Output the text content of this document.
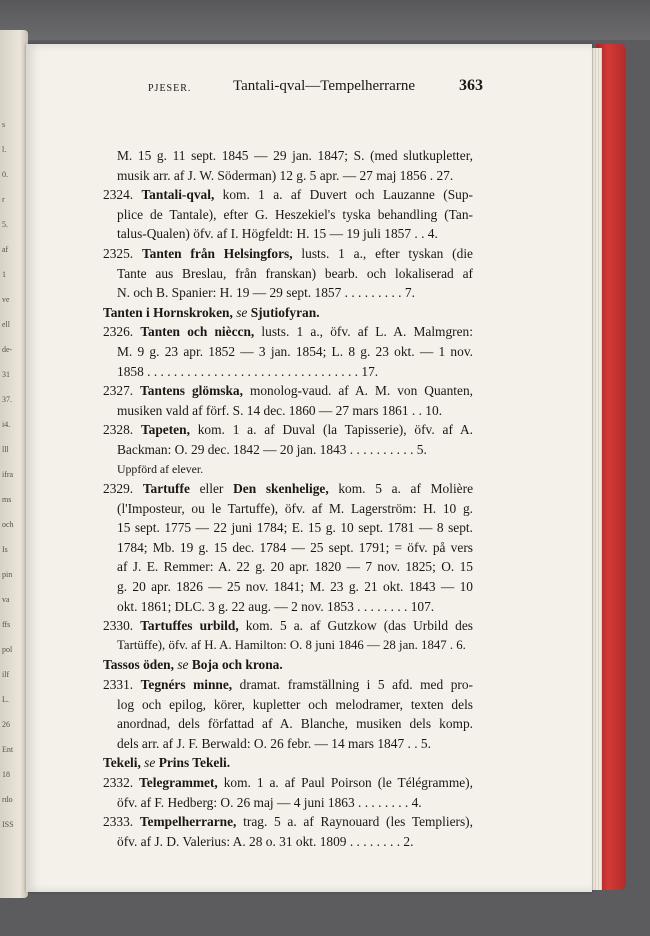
s
l.
0.
r
5.
af
1
ve
ell
de-
31
37.
i4.
lll
ifra
ms
och
Is
pin
va
ffs
pol
ilf
L.
26
Ent
18
rdo
ISS
PJESER.	Tantali-qval—Tempelherrarne	363
M. 15 g. 11 sept. 1845 — 29 jan. 1847; S. (med slutkupletter,
musik arr. af J. W. Söderman) 12 g. 5 apr. — 27 maj 1856 . 27.
2324. Tantali-qval, kom. 1 a. af Duvert och Lauzanne (Sup-
plice de Tantale), efter G. Heszekiel's tyska behandling (Tan-
talus-Qualen) öfv. af I. Högfeldt: H. 15 — 19 juli 1857 . . 4.
2325. Tanten från Helsingfors, lusts. 1 a., efter tyskan (die
Tante aus Breslau, från franskan) bearb. och lokaliserad af
N. och B. Spanier: H. 19 — 29 sept. 1857 . . . . . . . . . 7.
Tanten i Hornskroken, se Sjutiofyran.
2326. Tanten och nièccn, lusts. 1 a., öfv. af L. A. Malmgren:
M. 9 g. 23 apr. 1852 — 3 jan. 1854; L. 8 g. 23 okt. — 1 nov.
1858 . . . . . . . . . . . . . . . . . . . . . . . . . . . . . . . . 17.
2327. Tantens glömska, monolog-vaud. af A. M. von Quanten,
musiken vald af förf. S. 14 dec. 1860 — 27 mars 1861 . . 10.
2328. Tapeten, kom. 1 a. af Duval (la Tapisserie), öfv. af A.
Backman: O. 29 dec. 1842 — 20 jan. 1843 . . . . . . . . . . 5.
Uppförd af elever.
2329. Tartuffe eller Den skenhelige, kom. 5 a. af Molière
(l'Imposteur, ou le Tartuffe), öfv. af M. Lagerström: H. 10 g.
15 sept. 1775 — 22 juni 1784; E. 15 g. 10 sept. 1781 — 8 sept.
1784; Mb. 19 g. 15 dec. 1784 — 25 sept. 1791; = öfv. på vers
af J. E. Remmer: A. 22 g. 20 apr. 1820 — 7 nov. 1825; O. 15
g. 20 apr. 1826 — 25 nov. 1841; M. 23 g. 21 okt. 1843 — 10
okt. 1861; DLC. 3 g. 22 aug. — 2 nov. 1853 . . . . . . . . 107.
2330. Tartuffes urbild, kom. 5 a. af Gutzkow (das Urbild des
Tartüffe), öfv. af H. A. Hamilton: O. 8 juni 1846 — 28 jan. 1847 . 6.
Tassos öden, se Boja och krona.
2331. Tegnérs minne, dramat. framställning i 5 afd. med pro-
log och epilog, körer, kupletter och melodramer, texten dels
anordnad, dels författad af A. Blanche, musiken dels komp.
dels arr. af J. F. Berwald: O. 26 febr. — 14 mars 1847 . . 5.
Tekeli, se Prins Tekeli.
2332. Telegrammet, kom. 1 a. af Paul Poirson (le Télégramme),
öfv. af F. Hedberg: O. 26 maj — 4 juni 1863 . . . . . . . . 4.
2333. Tempelherrarne, trag. 5 a. af Raynouard (les Templiers),
öfv. af J. D. Valerius: A. 28 o. 31 okt. 1809 . . . . . . . . 2.
